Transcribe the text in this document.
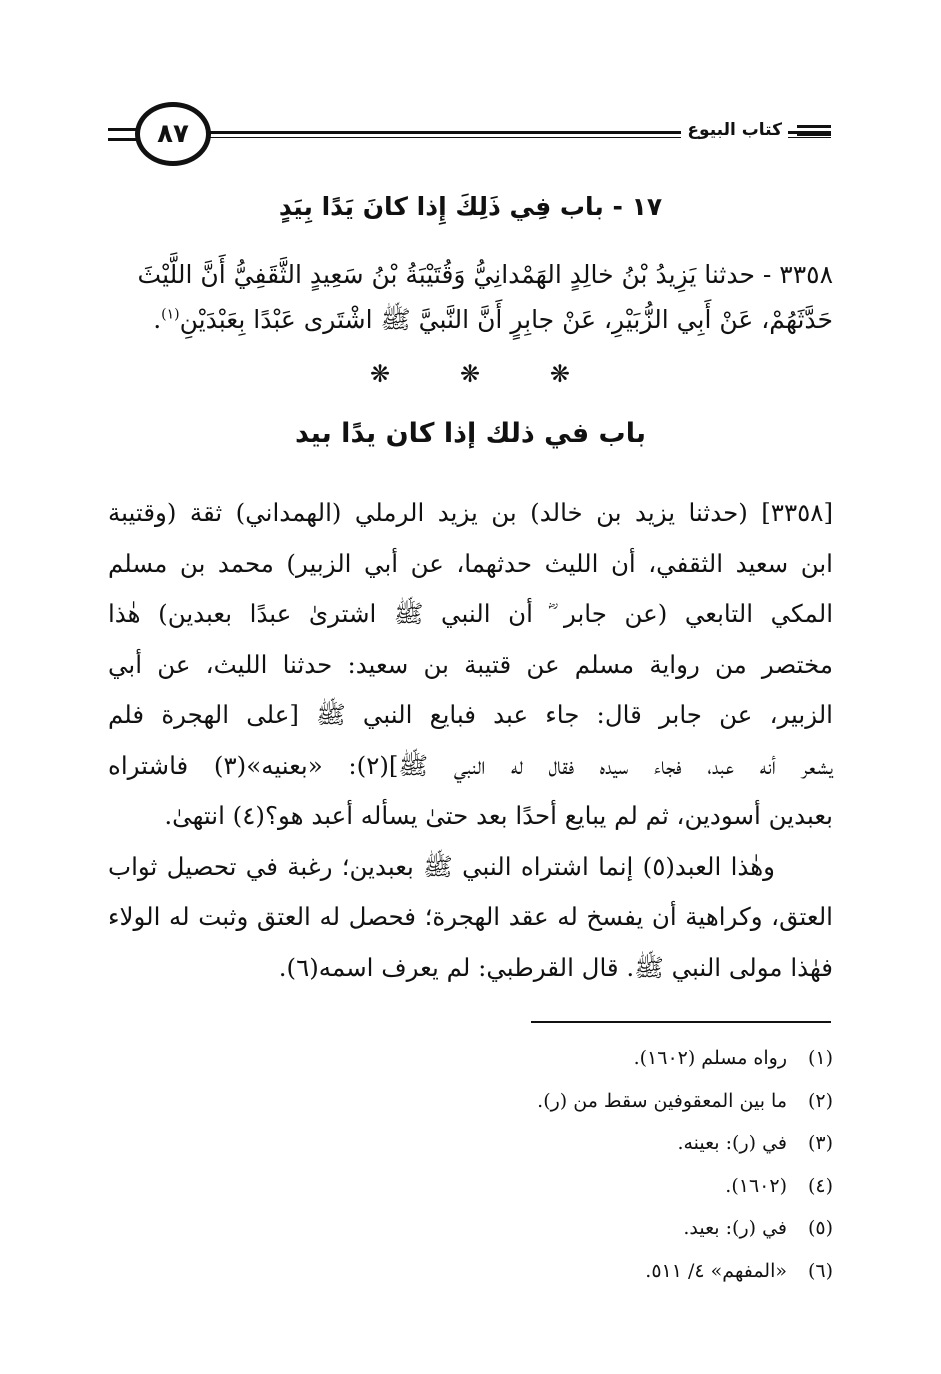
كتاب البيوع
٨٧
١٧ - باب فِي ذَلِكَ إِذا كانَ يَدًا بِيَدٍ
٣٣٥٨ - حدثنا يَزِيدُ بْنُ خالِدٍ الهَمْدانِيُّ وَقُتَيْبَةُ بْنُ سَعِيدٍ الثَّقَفِيُّ أَنَّ اللَّيْثَ
حَدَّثَهُمْ، عَنْ أَبِي الزُّبَيْرِ، عَنْ جابِرٍ أَنَّ النَّبيَّ ﷺ اشْتَرى عَبْدًا بِعَبْدَيْنِ$^{(١)}$.
❋	❋	❋
باب في ذلك إذا كان يدًا بيد
[٣٣٥٨] (حدثنا يزيد بن خالد) بن يزيد الرملي (الهمداني) ثقة (وقتيبة
ابن سعيد الثقفي، أن الليث حدثهما، عن أبي الزبير) محمد بن مسلم
المكي التابعي (عن جابر ؓ أن النبي ﷺ اشترىٰ عبدًا بعبدين) هٰذا
مختصر من رواية مسلم عن قتيبة بن سعيد: حدثنا الليث، عن أبي
الزبير، عن جابر قال: جاء عبد فبايع النبي ﷺ [على الهجرة فلم
يشعر أنه عبد، فجاء سيده فقال له النبي ﷺ](٢): «بعنيه»(٣) فاشتراه
بعبدين أسودين، ثم لم يبايع أحدًا بعد حتىٰ يسأله أعبد هو؟(٤) انتهىٰ.
وهٰذا العبد(٥) إنما اشتراه النبي ﷺ بعبدين؛ رغبة في تحصيل ثواب
العتق، وكراهية أن يفسخ له عقد الهجرة؛ فحصل له العتق وثبت له الولاء
فهٰذا مولى النبي ﷺ. قال القرطبي: لم يعرف اسمه(٦).
(١)
رواه مسلم (١٦٠٢).
(٢)
ما بين المعقوفين سقط من (ر).
(٣)
في (ر): بعينه.
(٤)
(١٦٠٢).
(٥)
في (ر): بعيد.
(٦)
«المفهم» ٤/ ٥١١.
